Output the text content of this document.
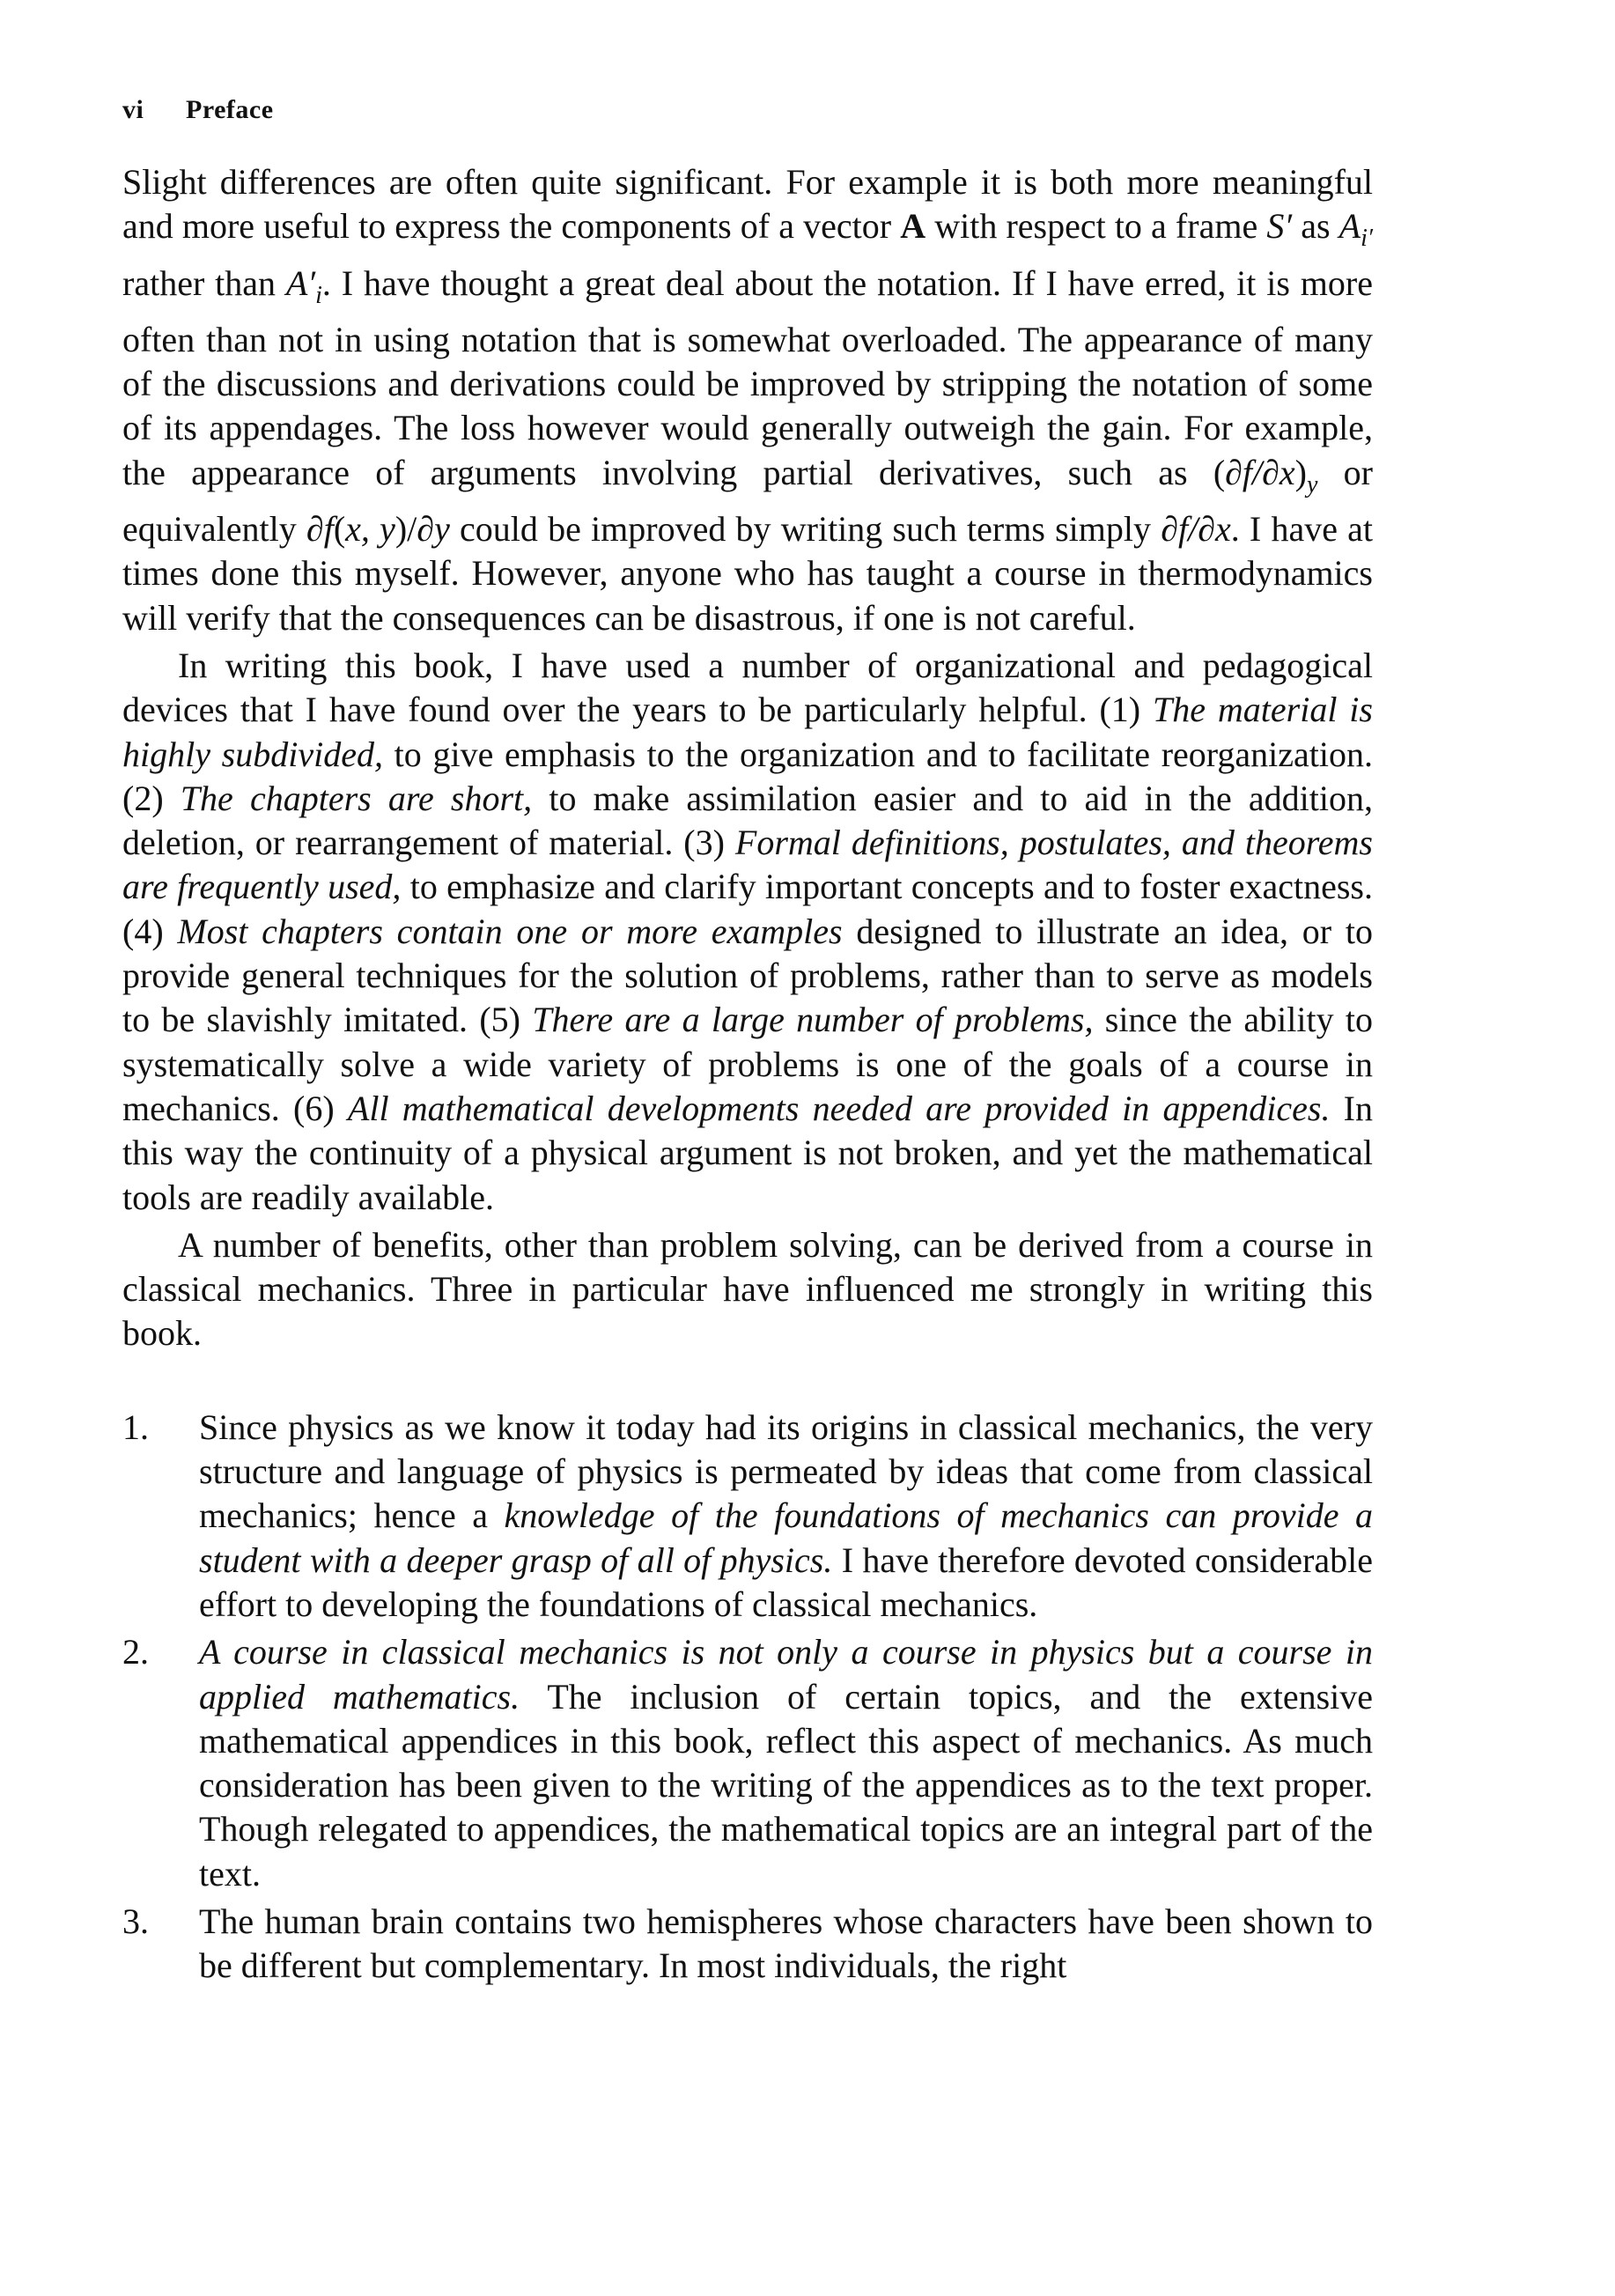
vi Preface

Slight differences are often quite significant. For example it is both more meaningful and more useful to express the components of a vector A with respect to a frame S′ as $A_{i'}$ rather than $A'_i$. I have thought a great deal about the notation. If I have erred, it is more often than not in using notation that is somewhat overloaded. The appearance of many of the discussions and derivations could be improved by stripping the notation of some of its appendages. The loss however would generally outweigh the gain. For example, the appearance of arguments involving partial derivatives, such as $(\partial f/\partial x)_y$ or equivalently ∂f(x, y)/∂y could be improved by writing such terms simply ∂f/∂x. I have at times done this myself. However, anyone who has taught a course in thermodynamics will verify that the consequences can be disastrous, if one is not careful.

In writing this book, I have used a number of organizational and pedagogical devices that I have found over the years to be particularly helpful. (1) The material is highly subdivided, to give emphasis to the organization and to facilitate reorganization. (2) The chapters are short, to make assimilation easier and to aid in the addition, deletion, or rearrangement of material. (3) Formal definitions, postulates, and theorems are frequently used, to emphasize and clarify important concepts and to foster exactness. (4) Most chapters contain one or more examples designed to illustrate an idea, or to provide general techniques for the solution of problems, rather than to serve as models to be slavishly imitated. (5) There are a large number of problems, since the ability to systematically solve a wide variety of problems is one of the goals of a course in mechanics. (6) All mathematical developments needed are provided in appendices. In this way the continuity of a physical argument is not broken, and yet the mathematical tools are readily available.

A number of benefits, other than problem solving, can be derived from a course in classical mechanics. Three in particular have influenced me strongly in writing this book.

1. Since physics as we know it today had its origins in classical mechanics, the very structure and language of physics is permeated by ideas that come from classical mechanics; hence a knowledge of the foundations of mechanics can provide a student with a deeper grasp of all of physics. I have therefore devoted considerable effort to developing the foundations of classical mechanics.
2. A course in classical mechanics is not only a course in physics but a course in applied mathematics. The inclusion of certain topics, and the extensive mathematical appendices in this book, reflect this aspect of mechanics. As much consideration has been given to the writing of the appendices as to the text proper. Though relegated to appendices, the mathematical topics are an integral part of the text.
3. The human brain contains two hemispheres whose characters have been shown to be different but complementary. In most individuals, the right
